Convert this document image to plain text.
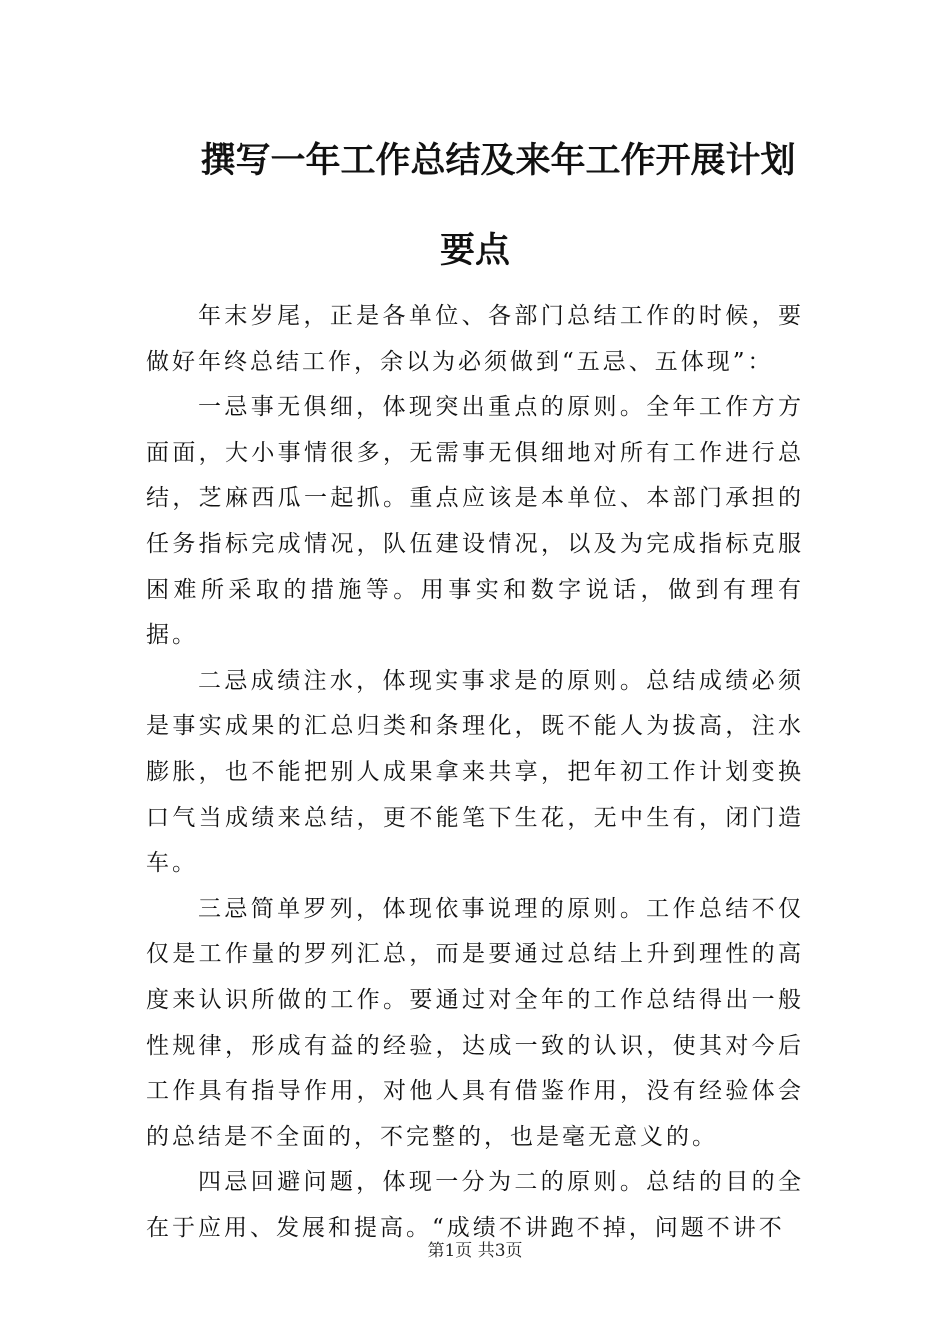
撰写一年工作总结及来年工作开展计划
要点

年末岁尾，正是各单位、各部门总结工作的时候，要做好年终总结工作，余以为必须做到“五忌、五体现”：

一忌事无俱细，体现突出重点的原则。全年工作方方面面，大小事情很多，无需事无俱细地对所有工作进行总结，芝麻西瓜一起抓。重点应该是本单位、本部门承担的任务指标完成情况，队伍建设情况，以及为完成指标克服困难所采取的措施等。用事实和数字说话，做到有理有据。

二忌成绩注水，体现实事求是的原则。总结成绩必须是事实成果的汇总归类和条理化，既不能人为拔高，注水膨胀，也不能把别人成果拿来共享，把年初工作计划变换口气当成绩来总结，更不能笔下生花，无中生有，闭门造车。

三忌简单罗列，体现依事说理的原则。工作总结不仅仅是工作量的罗列汇总，而是要通过总结上升到理性的高度来认识所做的工作。要通过对全年的工作总结得出一般性规律，形成有益的经验，达成一致的认识，使其对今后工作具有指导作用，对他人具有借鉴作用，没有经验体会的总结是不全面的，不完整的，也是毫无意义的。

四忌回避问题，体现一分为二的原则。总结的目的全在于应用、发展和提高。“成绩不讲跑不掉，问题不讲不

第1页 共3页
